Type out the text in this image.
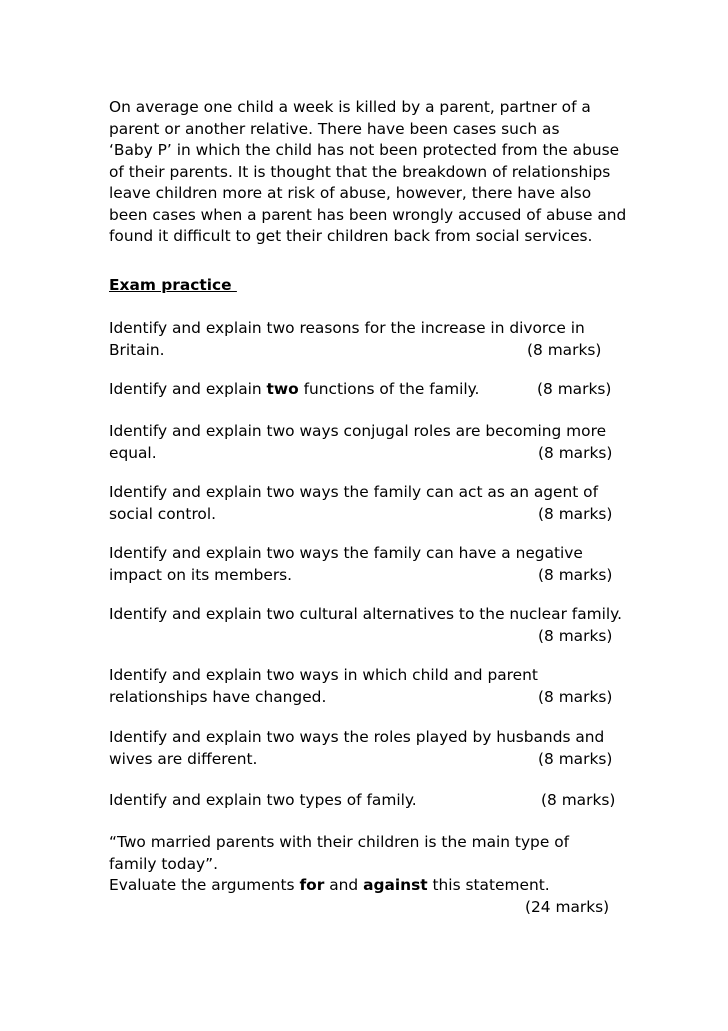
On average one child a week is killed by a parent, partner of a
parent or another relative. There have been cases such as
‘Baby P’ in which the child has not been protected from the abuse
of their parents. It is thought that the breakdown of relationships
leave children more at risk of abuse, however, there have also
been cases when a parent has been wrongly accused of abuse and
found it difficult to get their children back from social services.
Exam practice
Identify and explain two reasons for the increase in divorce in
Britain.	(8 marks)
Identify and explain two functions of the family.	(8 marks)
Identify and explain two ways conjugal roles are becoming more
equal.	(8 marks)
Identify and explain two ways the family can act as an agent of
social control.	(8 marks)
Identify and explain two ways the family can have a negative
impact on its members.	(8 marks)
Identify and explain two cultural alternatives to the nuclear family.
(8 marks)
Identify and explain two ways in which child and parent
relationships have changed.	(8 marks)
Identify and explain two ways the roles played by husbands and
wives are different.	(8 marks)
Identify and explain two types of family.	(8 marks)
“Two married parents with their children is the main type of
family today”.
Evaluate the arguments for and against this statement.
(24 marks)
